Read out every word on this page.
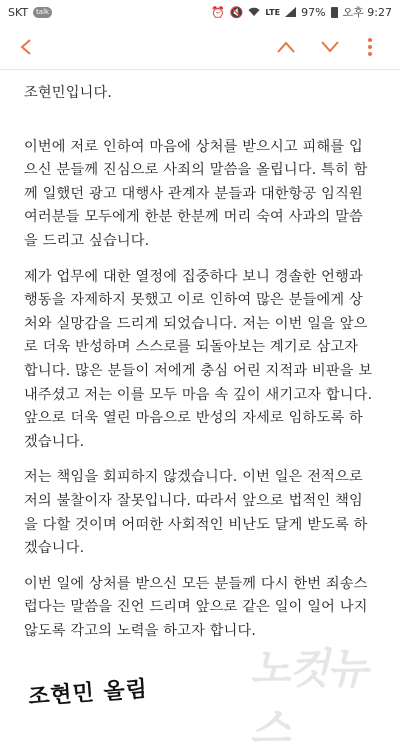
SKT	talk	⏰ 🔇	LTE 97% 오후 9:27

조현민입니다.

이번에 저로 인하여 마음에 상처를 받으시고 피해를 입으신 분들께 진심으로 사죄의 말씀을 올립니다. 특히 함께 일했던 광고 대행사 관계자 분들과 대한항공 임직원 여러분들 모두에게 한분 한분께 머리 숙여 사과의 말씀을 드리고 싶습니다.

제가 업무에 대한 열정에 집중하다 보니 경솔한 언행과 행동을 자제하지 못했고 이로 인하여 많은 분들에게 상처와 실망감을 드리게 되었습니다. 저는 이번 일을 앞으로 더욱 반성하며 스스로를 되돌아보는 계기로 삼고자 합니다. 많은 분들이 저에게 충심 어린 지적과 비판을 보내주셨고 저는 이를 모두 마음 속 깊이 새기고자 합니다. 앞으로 더욱 열린 마음으로 반성의 자세로 임하도록 하겠습니다.

저는 책임을 회피하지 않겠습니다. 이번 일은 전적으로 저의 불찰이자 잘못입니다. 따라서 앞으로 법적인 책임을 다할 것이며 어떠한 사회적인 비난도 달게 받도록 하겠습니다.

이번 일에 상처를 받으신 모든 분들께 다시 한번 죄송스럽다는 말씀을 진언 드리며 앞으로 같은 일이 일어 나지 않도록 각고의 노력을 하고자 합니다.

조현민 올림
노컷뉴스
